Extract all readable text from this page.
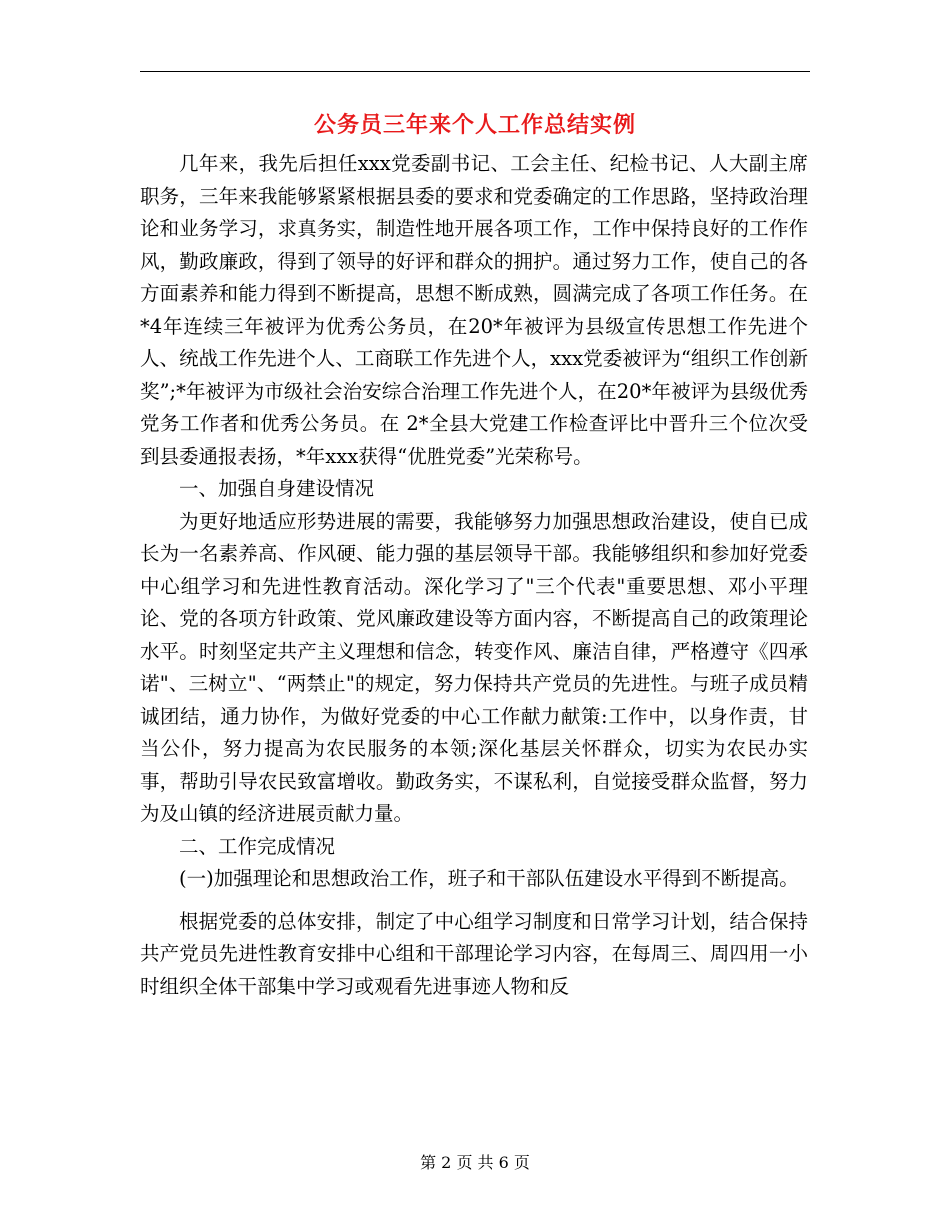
公务员三年来个人工作总结实例

几年来，我先后担任xxx党委副书记、工会主任、纪检书记、人大副主席职务，三年来我能够紧紧根据县委的要求和党委确定的工作思路，坚持政治理论和业务学习，求真务实，制造性地开展各项工作，工作中保持良好的工作作风，勤政廉政，得到了领导的好评和群众的拥护。通过努力工作，使自己的各方面素养和能力得到不断提高，思想不断成熟，圆满完成了各项工作任务。在*4年连续三年被评为优秀公务员，在20*年被评为县级宣传思想工作先进个人、统战工作先进个人、工商联工作先进个人，xxx党委被评为“组织工作创新奖”;*年被评为市级社会治安综合治理工作先进个人，在20*年被评为县级优秀党务工作者和优秀公务员。在 2*全县大党建工作检查评比中晋升三个位次受到县委通报表扬，*年xxx获得“优胜党委”光荣称号。

一、加强自身建设情况

为更好地适应形势进展的需要，我能够努力加强思想政治建设，使自已成长为一名素养高、作风硬、能力强的基层领导干部。我能够组织和参加好党委中心组学习和先进性教育活动。深化学习了"三个代表"重要思想、邓小平理论、党的各项方针政策、党风廉政建设等方面内容，不断提高自己的政策理论水平。时刻坚定共产主义理想和信念，转变作风、廉洁自律，严格遵守《四承诺"、三树立"、“两禁止"的规定，努力保持共产党员的先进性。与班子成员精诚团结，通力协作，为做好党委的中心工作献力献策:工作中，以身作责，甘当公仆，努力提高为农民服务的本领;深化基层关怀群众，切实为农民办实事，帮助引导农民致富增收。勤政务实，不谋私利，自觉接受群众监督，努力为及山镇的经济进展贡献力量。

二、工作完成情况

(一)加强理论和思想政治工作，班子和干部队伍建设水平得到不断提高。

根据党委的总体安排，制定了中心组学习制度和日常学习计划，结合保持共产党员先进性教育安排中心组和干部理论学习内容，在每周三、周四用一小时组织全体干部集中学习或观看先进事迹人物和反

第 2 页 共 6 页
